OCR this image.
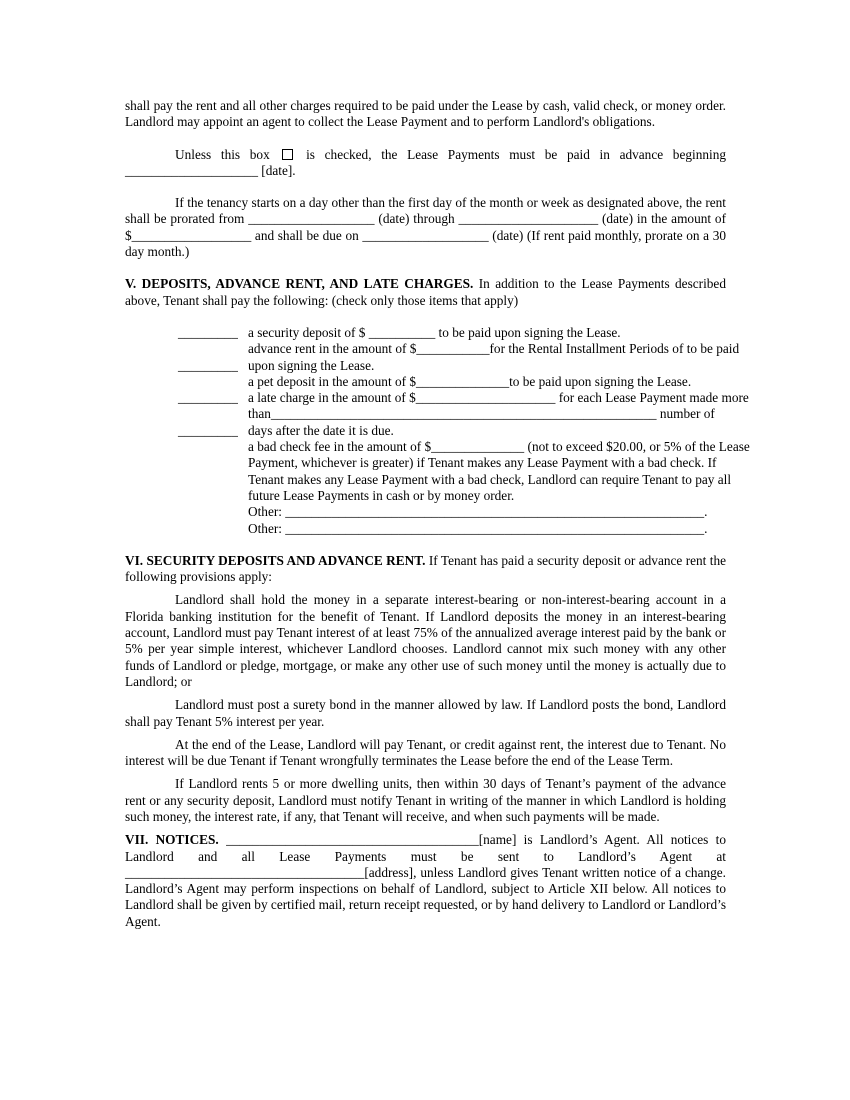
shall pay the rent and all other charges required to be paid under the Lease by cash, valid check, or money order. Landlord may appoint an agent to collect the Lease Payment and to perform Landlord's obligations.

Unless this box	is checked, the Lease Payments must be paid in advance beginning ____________________ [date].

If the tenancy starts on a day other than the first day of the month or week as designated above, the rent shall be prorated from ___________________ (date) through _____________________ (date) in the amount of $__________________ and shall be due on ___________________ (date) (If rent paid monthly, prorate on a 30 day month.)

V. DEPOSITS, ADVANCE RENT, AND LATE CHARGES. In addition to the Lease Payments described above, Tenant shall pay the following: (check only those items that apply)

_________ a security deposit of $ __________ to be paid upon signing the Lease.
advance rent in the amount of $___________for the Rental Installment Periods of to be paid
_________ upon signing the Lease.
a pet deposit in the amount of $______________to be paid upon signing the Lease.
_________ a late charge in the amount of $_____________________ for each Lease Payment made more
than__________________________________________________________ number of
_________ days after the date it is due.
a bad check fee in the amount of $______________ (not to exceed $20.00, or 5% of the Lease
Payment, whichever is greater) if Tenant makes any Lease Payment with a bad check. If
Tenant makes any Lease Payment with a bad check, Landlord can require Tenant to pay all
future Lease Payments in cash or by money order.
Other: _______________________________________________________________.
Other: _______________________________________________________________.

VI. SECURITY DEPOSITS AND ADVANCE RENT. If Tenant has paid a security deposit or advance rent the following provisions apply:

Landlord shall hold the money in a separate interest-bearing or non-interest-bearing account in a Florida banking institution for the benefit of Tenant. If Landlord deposits the money in an interest-bearing account, Landlord must pay Tenant interest of at least 75% of the annualized average interest paid by the bank or 5% per year simple interest, whichever Landlord chooses. Landlord cannot mix such money with any other funds of Landlord or pledge, mortgage, or make any other use of such money until the money is actually due to Landlord; or

Landlord must post a surety bond in the manner allowed by law. If Landlord posts the bond, Landlord shall pay Tenant 5% interest per year.

At the end of the Lease, Landlord will pay Tenant, or credit against rent, the interest due to Tenant. No interest will be due Tenant if Tenant wrongfully terminates the Lease before the end of the Lease Term.

If Landlord rents 5 or more dwelling units, then within 30 days of Tenant’s payment of the advance rent or any security deposit, Landlord must notify Tenant in writing of the manner in which Landlord is holding such money, the interest rate, if any, that Tenant will receive, and when such payments will be made.

VII. NOTICES. ______________________________________[name] is Landlord’s Agent. All notices to Landlord and all Lease Payments must be sent to Landlord’s Agent at ____________________________________[address], unless Landlord gives Tenant written notice of a change. Landlord’s Agent may perform inspections on behalf of Landlord, subject to Article XII below. All notices to Landlord shall be given by certified mail, return receipt requested, or by hand delivery to Landlord or Landlord’s Agent.
